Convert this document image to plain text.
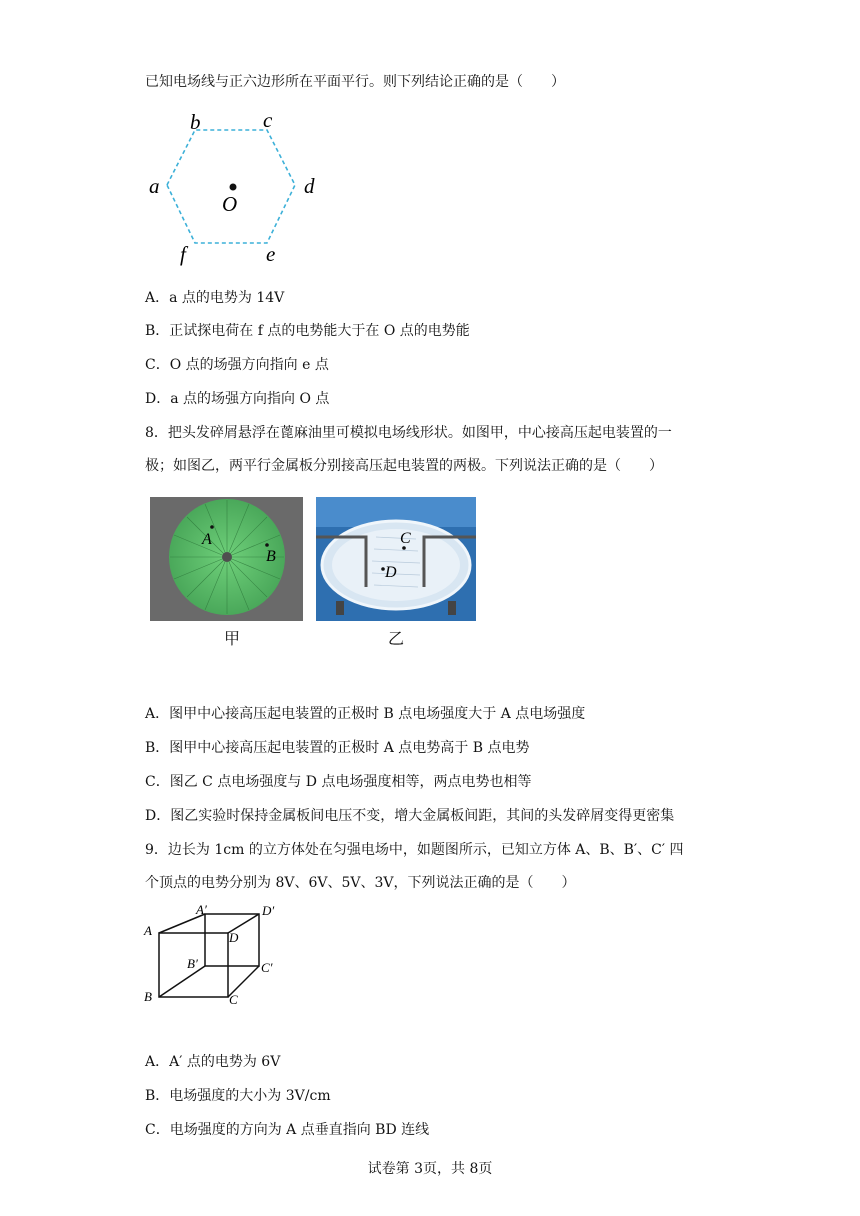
已知电场线与正六边形所在平面平行。则下列结论正确的是（　　）
b	c
a	d
O
f	e
A．a 点的电势为 14V
B．正试探电荷在 f 点的电势能大于在 O 点的电势能
C．O 点的场强方向指向 e 点
D．a 点的场强方向指向 O 点
8．把头发碎屑悬浮在蓖麻油里可模拟电场线形状。如图甲，中心接高压起电装置的一
极；如图乙，两平行金属板分别接高压起电装置的两极。下列说法正确的是（　　）
A
B
C
D
甲	乙
A．图甲中心接高压起电装置的正极时 B 点电场强度大于 A 点电场强度
B．图甲中心接高压起电装置的正极时 A 点电势高于 B 点电势
C．图乙 C 点电场强度与 D 点电场强度相等，两点电势也相等
D．图乙实验时保持金属板间电压不变，增大金属板间距，其间的头发碎屑变得更密集
9．边长为 1cm 的立方体处在匀强电场中，如题图所示，已知立方体 A、B、B′、C′ 四
个顶点的电势分别为 8V、6V、5V、3V，下列说法正确的是（　　）
A
A′	D′
D
B′	C′
B	C
A．A′ 点的电势为 6V
B．电场强度的大小为 3V/cm
C．电场强度的方向为 A 点垂直指向 BD 连线
试卷第 3页，共 8页
